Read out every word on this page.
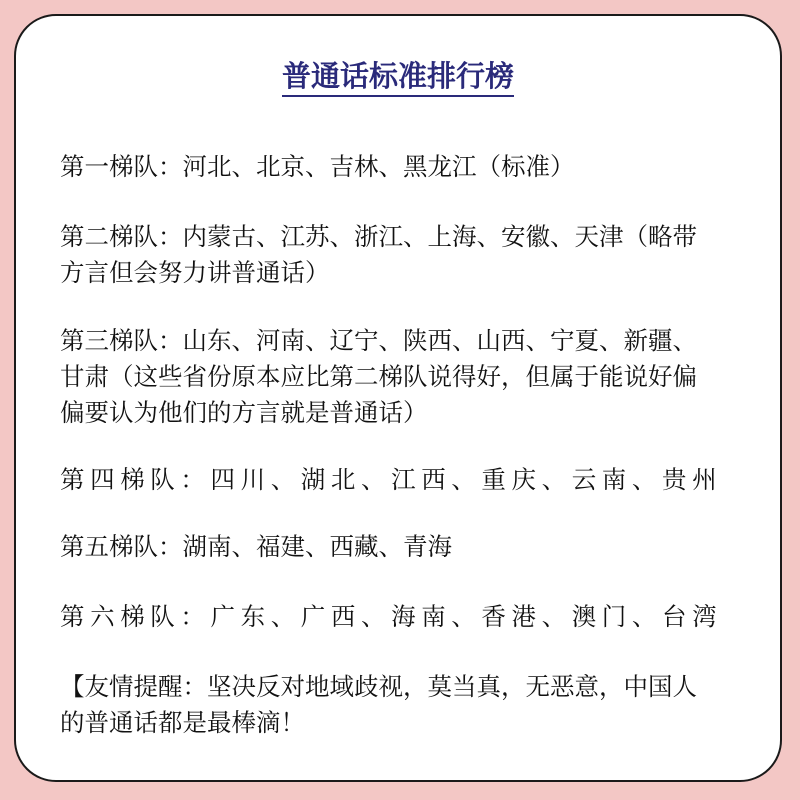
普通话标准排行榜
第一梯队：河北、北京、吉林、黑龙江（标准）
第二梯队：内蒙古、江苏、浙江、上海、安徽、天津（略带
方言但会努力讲普通话）
第三梯队：山东、河南、辽宁、陕西、山西、宁夏、新疆、
甘肃（这些省份原本应比第二梯队说得好，但属于能说好偏
偏要认为他们的方言就是普通话）
第四梯队：四川、湖北、江西、重庆、云南、贵州
第五梯队：湖南、福建、西藏、青海
第六梯队：广东、广西、海南、香港、澳门、台湾
【友情提醒：坚决反对地域歧视，莫当真，无恶意，中国人
的普通话都是最棒滴！
